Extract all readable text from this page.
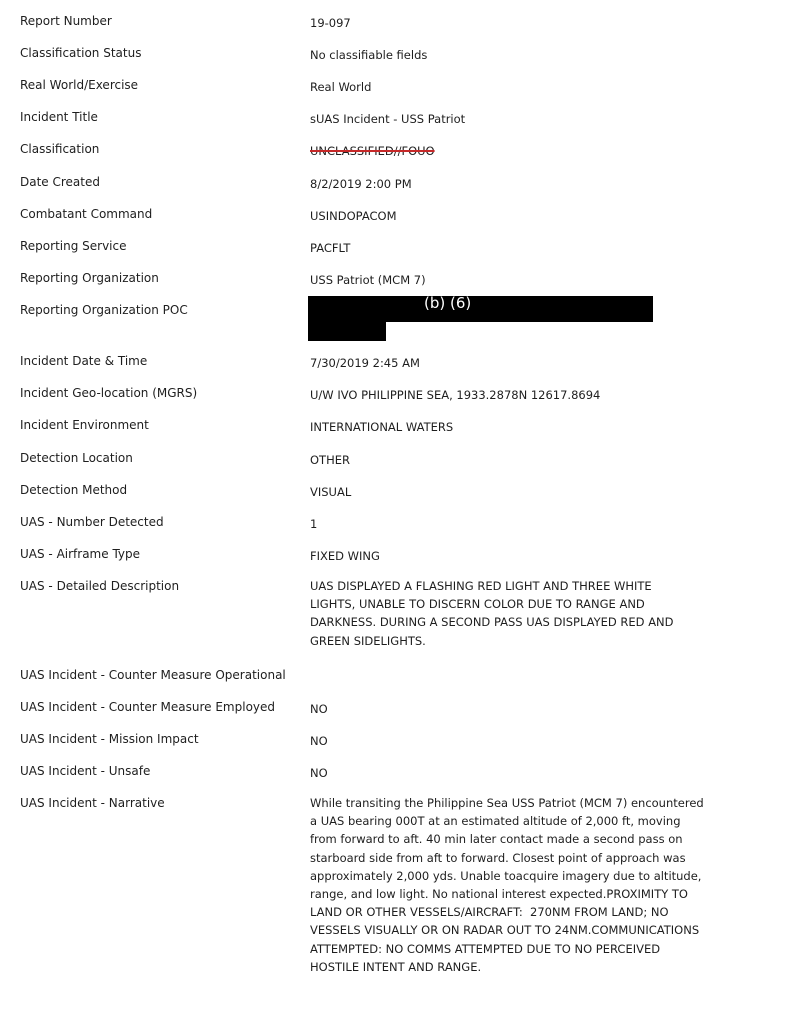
Report Number	19-097
Classification Status	No classifiable fields
Real World/Exercise	Real World
Incident Title	sUAS Incident - USS Patriot
Classification	UNCLASSIFIED//FOUO
Date Created	8/2/2019 2:00 PM
Combatant Command	USINDOPACOM
Reporting Service	PACFLT
Reporting Organization	USS Patriot (MCM 7)
Reporting Organization POC	(b) (6)
Incident Date & Time	7/30/2019 2:45 AM
Incident Geo-location (MGRS)	U/W IVO PHILIPPINE SEA, 1933.2878N 12617.8694
Incident Environment	INTERNATIONAL WATERS
Detection Location	OTHER
Detection Method	VISUAL
UAS - Number Detected	1
UAS - Airframe Type	FIXED WING
UAS - Detailed Description	UAS DISPLAYED A FLASHING RED LIGHT AND THREE WHITE    LIGHTS, UNABLE TO DISCERN COLOR DUE TO RANGE AND DARKNESS. DURING A SECOND PASS UAS DISPLAYED RED AND GREEN SIDELIGHTS.
UAS Incident - Counter Measure Operational
UAS Incident - Counter Measure Employed	NO
UAS Incident - Mission Impact	NO
UAS Incident - Unsafe	NO
UAS Incident - Narrative	While transiting the Philippine Sea USS Patriot (MCM 7) encountered a UAS bearing 000T at an estimated altitude of 2,000 ft, moving from forward to aft. 40 min later contact made a second pass on starboard side from aft to forward. Closest point of approach was approximately 2,000 yds. Unable toacquire imagery due to altitude, range, and low light. No national interest expected.PROXIMITY TO LAND OR OTHER VESSELS/AIRCRAFT:  270NM FROM LAND; NO VESSELS VISUALLY OR ON RADAR OUT TO 24NM.COMMUNICATIONS ATTEMPTED: NO COMMS ATTEMPTED DUE TO NO PERCEIVED HOSTILE INTENT AND RANGE.
